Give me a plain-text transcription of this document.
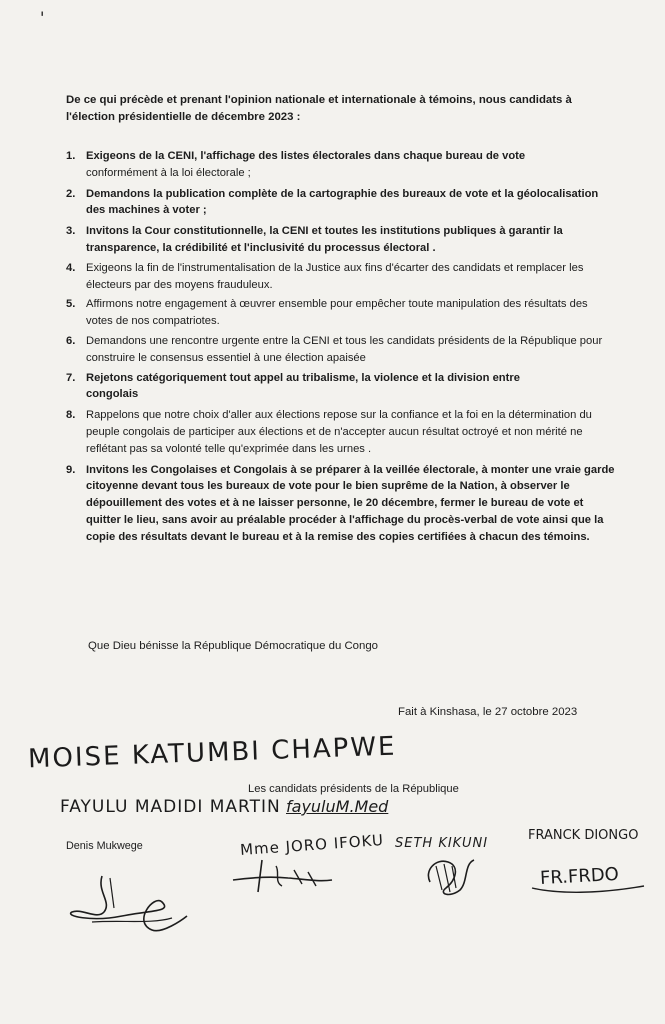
'

De ce qui précède et prenant l'opinion nationale et internationale à témoins, nous candidats à l'élection présidentielle de décembre 2023 :

1. Exigeons de la CENI, l'affichage des listes électorales dans chaque bureau de vote
conformément à la loi électorale ;
2. Demandons la publication complète de la cartographie des bureaux de vote et la géolocalisation des machines à voter ;
3. Invitons la Cour constitutionnelle, la CENI et toutes les institutions publiques à garantir la transparence, la crédibilité et l'inclusivité du processus électoral .
4. Exigeons la fin de l'instrumentalisation de la Justice aux fins d'écarter des candidats et remplacer les électeurs par des moyens frauduleux.
5. Affirmons notre engagement à œuvrer ensemble pour empêcher toute manipulation des résultats des votes de nos compatriotes.
6. Demandons une rencontre urgente entre la CENI et tous les candidats présidents de la République pour construire le consensus essentiel à une élection apaisée
7. Rejetons catégoriquement tout appel au tribalisme, la violence et la division entre
congolais
8. Rappelons que notre choix d'aller aux élections repose sur la confiance et la foi en la détermination du peuple congolais de participer aux élections et de n'accepter aucun résultat octroyé et non mérité ne reflétant pas sa volonté telle qu'exprimée dans les urnes .
9. Invitons les Congolaises et Congolais à se préparer à la veillée électorale, à monter une vraie garde citoyenne devant tous les bureaux de vote pour le bien suprême de la Nation, à observer le dépouillement des votes et à ne laisser personne, le 20 décembre, fermer le bureau de vote et quitter le lieu, sans avoir au préalable procéder à l'affichage du procès-verbal de vote ainsi que la copie des résultats devant le bureau et à la remise des copies certifiées à chacun des témoins.
Que Dieu bénisse la République Démocratique du Congo
Fait à Kinshasa, le 27 octobre 2023
MOISE KATUMBI CHAPWE
Les candidats présidents de la République
FAYULU MADIDI MARTIN fayuluM.Med
Denis Mukwege	Mme JORO IFOKU SETH KIKUNI
FRANCK DIONGO
FR.FRDO
